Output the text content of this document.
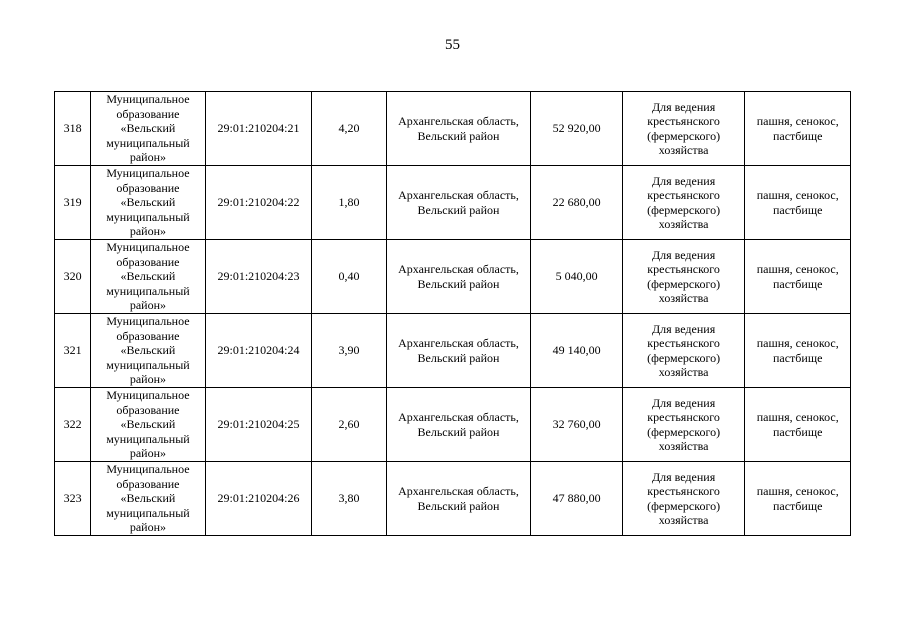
55
318	Муниципальное
образование
«Вельский
муниципальный
район»	29:01:210204:21	4,20	Архангельская область,
Вельский район	52 920,00	Для ведения
крестьянского
(фермерского)
хозяйства	пашня, сенокос,
пастбище
319	Муниципальное
образование
«Вельский
муниципальный
район»	29:01:210204:22	1,80	Архангельская область,
Вельский район	22 680,00	Для ведения
крестьянского
(фермерского)
хозяйства	пашня, сенокос,
пастбище
320	Муниципальное
образование
«Вельский
муниципальный
район»	29:01:210204:23	0,40	Архангельская область,
Вельский район	5 040,00	Для ведения
крестьянского
(фермерского)
хозяйства	пашня, сенокос,
пастбище
321	Муниципальное
образование
«Вельский
муниципальный
район»	29:01:210204:24	3,90	Архангельская область,
Вельский район	49 140,00	Для ведения
крестьянского
(фермерского)
хозяйства	пашня, сенокос,
пастбище
322	Муниципальное
образование
«Вельский
муниципальный
район»	29:01:210204:25	2,60	Архангельская область,
Вельский район	32 760,00	Для ведения
крестьянского
(фермерского)
хозяйства	пашня, сенокос,
пастбище
323	Муниципальное
образование
«Вельский
муниципальный
район»	29:01:210204:26	3,80	Архангельская область,
Вельский район	47 880,00	Для ведения
крестьянского
(фермерского)
хозяйства	пашня, сенокос,
пастбище
